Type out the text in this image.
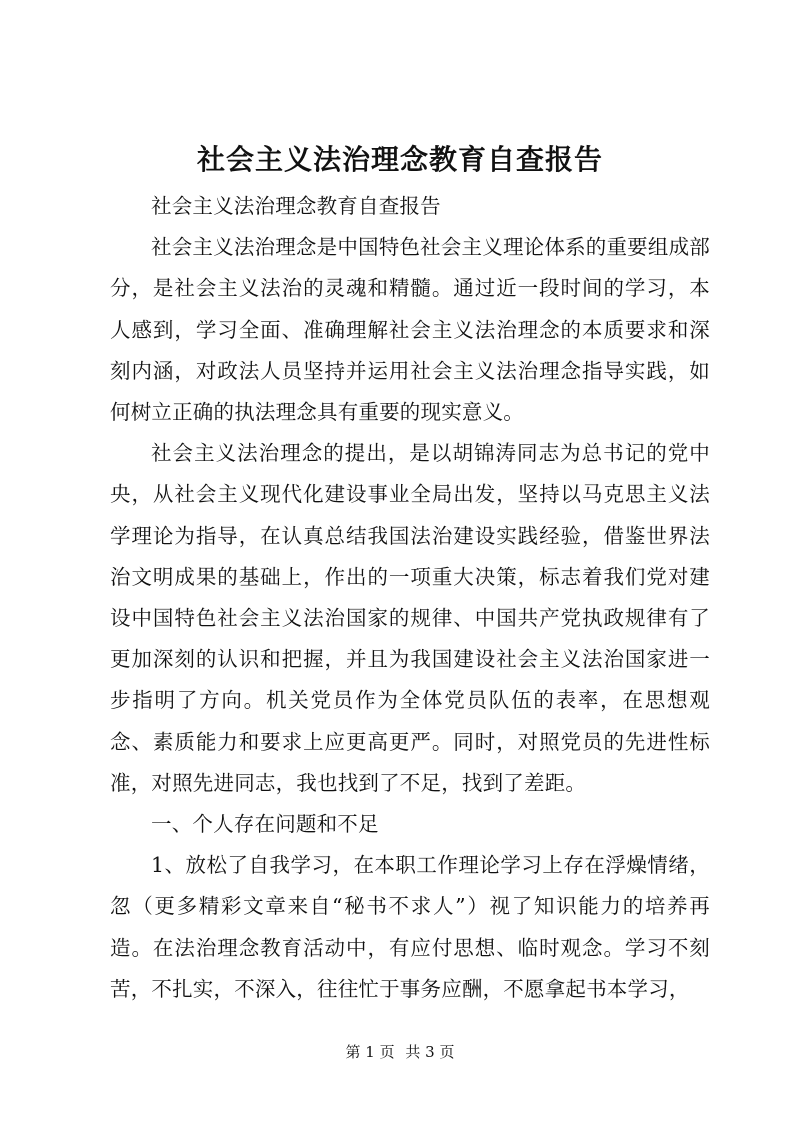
社会主义法治理念教育自查报告

社会主义法治理念教育自查报告

社会主义法治理念是中国特色社会主义理论体系的重要组成部分，是社会主义法治的灵魂和精髓。通过近一段时间的学习，本人感到，学习全面、准确理解社会主义法治理念的本质要求和深刻内涵，对政法人员坚持并运用社会主义法治理念指导实践，如何树立正确的执法理念具有重要的现实意义。

社会主义法治理念的提出，是以胡锦涛同志为总书记的党中央，从社会主义现代化建设事业全局出发，坚持以马克思主义法学理论为指导，在认真总结我国法治建设实践经验，借鉴世界法治文明成果的基础上，作出的一项重大决策，标志着我们党对建设中国特色社会主义法治国家的规律、中国共产党执政规律有了更加深刻的认识和把握，并且为我国建设社会主义法治国家进一步指明了方向。机关党员作为全体党员队伍的表率，在思想观念、素质能力和要求上应更高更严。同时，对照党员的先进性标准，对照先进同志，我也找到了不足，找到了差距。

一、个人存在问题和不足

1、放松了自我学习，在本职工作理论学习上存在浮燥情绪，忽（更多精彩文章来自“秘书不求人”）视了知识能力的培养再造。在法治理念教育活动中，有应付思想、临时观念。学习不刻苦，不扎实，不深入，往往忙于事务应酬，不愿拿起书本学习，

第 1 页 共 3 页
